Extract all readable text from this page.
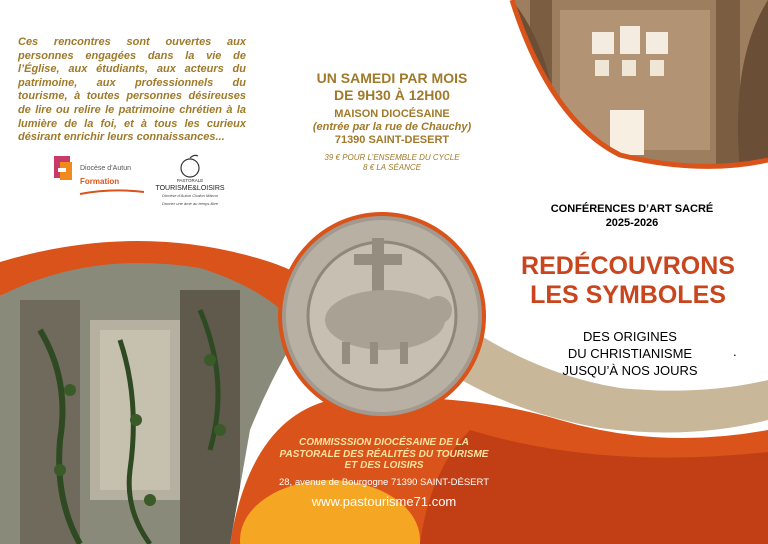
Ces rencontres sont ouvertes aux personnes engagées dans la vie de l’Église, aux étudiants, aux acteurs du patrimoine, aux professionnels du tourisme, à toutes personnes désireuses de lire ou relire le patrimoine chrétien à la lumière de la foi, et à tous les curieux désirant enrichir leurs connaissances...
Diocèse d’Autun
Formation	PASTORALE
TOURISME&LOISIRS
Diocèse d’Autun Chalon Mâcon
Donner une âme au temps libre
UN SAMEDI PAR MOIS
DE 9H30 À 12H00
MAISON DIOCÉSAINE
(entrée par la rue de Chauchy)
71390 SAINT-DESERT
39 € POUR L’ENSEMBLE DU CYCLE
8 € LA SÉANCE
CONFÉRENCES D’ART SACRÉ
2025-2026
REDÉCOUVRONS
LES SYMBOLES
DES ORIGINES
DU CHRISTIANISME
JUSQU’À NOS JOURS
.
COMMISSSION DIOCÉSAINE DE LA
PASTORALE DES RÉALITÉS DU TOURISME
ET DES LOISIRS
28, avenue de Bourgogne 71390 SAINT-DÉSERT
www.pastourisme71.com
